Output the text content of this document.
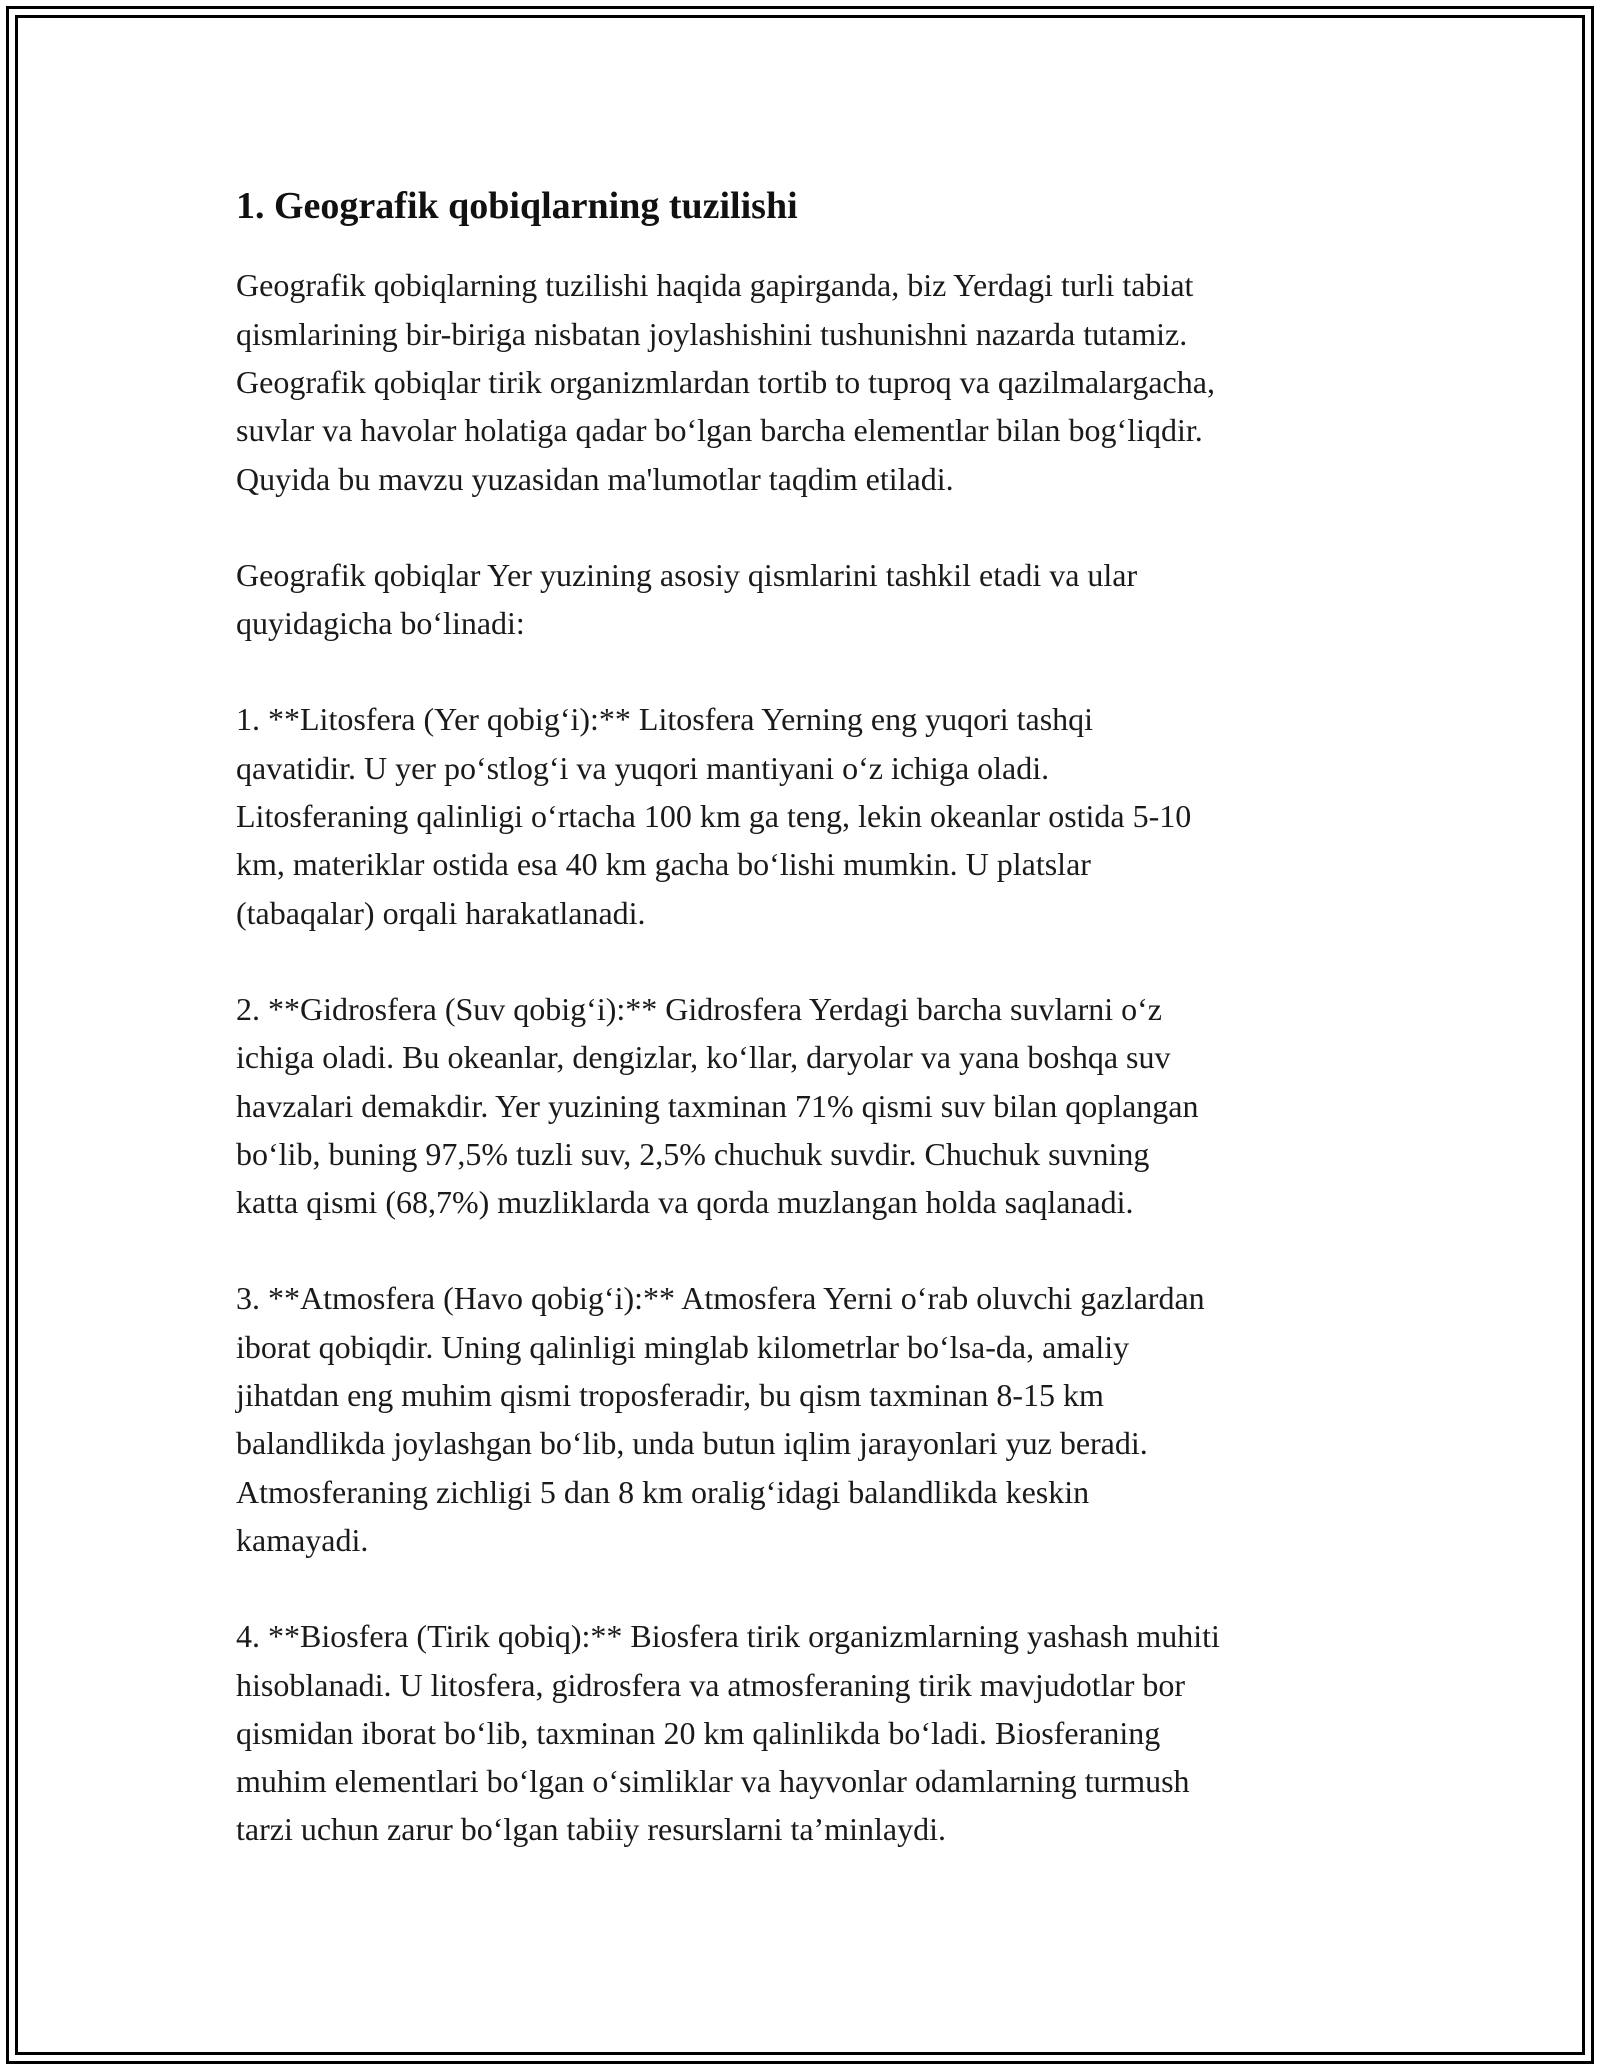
1. Geografik qobiqlarning tuzilishi

Geografik qobiqlarning tuzilishi haqida gapirganda, biz Yerdagi turli tabiat
qismlarining bir-biriga nisbatan joylashishini tushunishni nazarda tutamiz.
Geografik qobiqlar tirik organizmlardan tortib to tuproq va qazilmalargacha,
suvlar va havolar holatiga qadar bo‘lgan barcha elementlar bilan bog‘liqdir.
Quyida bu mavzu yuzasidan ma'lumotlar taqdim etiladi.

Geografik qobiqlar Yer yuzining asosiy qismlarini tashkil etadi va ular
quyidagicha bo‘linadi:

1. **Litosfera (Yer qobig‘i):** Litosfera Yerning eng yuqori tashqi
qavatidir. U yer po‘stlog‘i va yuqori mantiyani o‘z ichiga oladi.
Litosferaning qalinligi o‘rtacha 100 km ga teng, lekin okeanlar ostida 5-10
km, materiklar ostida esa 40 km gacha bo‘lishi mumkin. U platslar
(tabaqalar) orqali harakatlanadi.

2. **Gidrosfera (Suv qobig‘i):** Gidrosfera Yerdagi barcha suvlarni o‘z
ichiga oladi. Bu okeanlar, dengizlar, ko‘llar, daryolar va yana boshqa suv
havzalari demakdir. Yer yuzining taxminan 71% qismi suv bilan qoplangan
bo‘lib, buning 97,5% tuzli suv, 2,5% chuchuk suvdir. Chuchuk suvning
katta qismi (68,7%) muzliklarda va qorda muzlangan holda saqlanadi.

3. **Atmosfera (Havo qobig‘i):** Atmosfera Yerni o‘rab oluvchi gazlardan
iborat qobiqdir. Uning qalinligi minglab kilometrlar bo‘lsa-da, amaliy
jihatdan eng muhim qismi troposferadir, bu qism taxminan 8-15 km
balandlikda joylashgan bo‘lib, unda butun iqlim jarayonlari yuz beradi.
Atmosferaning zichligi 5 dan 8 km oralig‘idagi balandlikda keskin
kamayadi.

4. **Biosfera (Tirik qobiq):** Biosfera tirik organizmlarning yashash muhiti
hisoblanadi. U litosfera, gidrosfera va atmosferaning tirik mavjudotlar bor
qismidan iborat bo‘lib, taxminan 20 km qalinlikda bo‘ladi. Biosferaning
muhim elementlari bo‘lgan o‘simliklar va hayvonlar odamlarning turmush
tarzi uchun zarur bo‘lgan tabiiy resurslarni ta’minlaydi.
